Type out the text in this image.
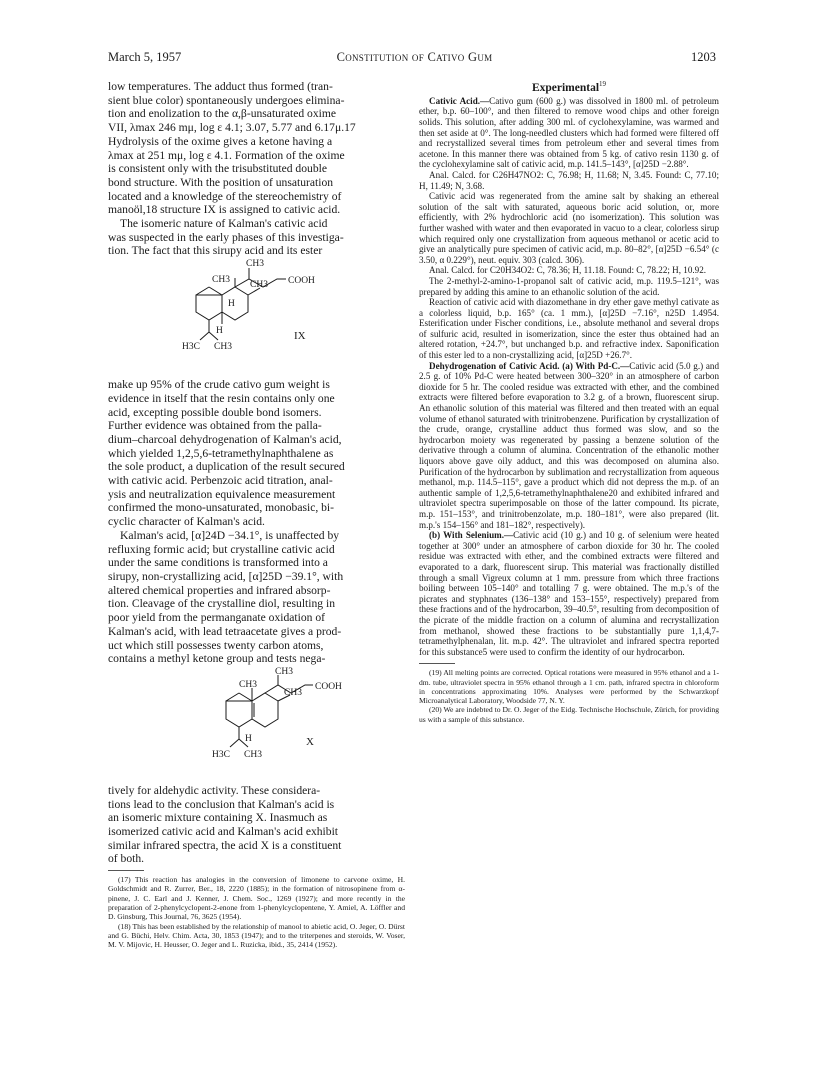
March 5, 1957	Constitution of Cativo Gum	1203
low temperatures. The adduct thus formed (tran-
sient blue color) spontaneously undergoes elimina-
tion and enolization to the α,β-unsaturated oxime
VII, λmax 246 mμ, log ε 4.1; 3.07, 5.77 and 6.17μ.17
Hydrolysis of the oxime gives a ketone having a
λmax at 251 mμ, log ε 4.1. Formation of the oxime
is consistent only with the trisubstituted double
bond structure. With the position of unsaturation
located and a knowledge of the stereochemistry of
manoöl,18 structure IX is assigned to cativic acid.
The isomeric nature of Kalman's cativic acid
was suspected in the early phases of this investiga-
tion. The fact that this sirupy acid and its ester
CH3
COOH
CH3 CH3
H
H
H3C CH3
IX
make up 95% of the crude cativo gum weight is
evidence in itself that the resin contains only one
acid, excepting possible double bond isomers.
Further evidence was obtained from the palla-
dium–charcoal dehydrogenation of Kalman's acid,
which yielded 1,2,5,6-tetramethylnaphthalene as
the sole product, a duplication of the result secured
with cativic acid. Perbenzoic acid titration, anal-
ysis and neutralization equivalence measurement
confirmed the mono-unsaturated, monobasic, bi-
cyclic character of Kalman's acid.
Kalman's acid, [α]24D −34.1°, is unaffected by
refluxing formic acid; but crystalline cativic acid
under the same conditions is transformed into a
sirupy, non-crystallizing acid, [α]25D −39.1°, with
altered chemical properties and infrared absorp-
tion. Cleavage of the crystalline diol, resulting in
poor yield from the permanganate oxidation of
Kalman's acid, with lead tetraacetate gives a prod-
uct which still possesses twenty carbon atoms,
contains a methyl ketone group and tests nega-
CH3
COOH
CH3
CH3
H
H3C CH3
X
tively for aldehydic activity. These considera-
tions lead to the conclusion that Kalman's acid is
an isomeric mixture containing X. Inasmuch as
isomerized cativic acid and Kalman's acid exhibit
similar infrared spectra, the acid X is a constituent
of both.

(17) This reaction has analogies in the conversion of limonene to carvone oxime, H. Goldschmidt and R. Zurrer, Ber., 18, 2220 (1885); in the formation of nitrosopinene from α-pinene, J. C. Earl and J. Kenner, J. Chem. Soc., 1269 (1927); and more recently in the preparation of 2-phenylcyclopent-2-enone from 1-phenylcyclopentene, Y. Amiel, A. Löffler and D. Ginsburg, This Journal, 76, 3625 (1954).

(18) This has been established by the relationship of manool to abietic acid, O. Jeger, O. Dürst and G. Büchi, Helv. Chim. Acta, 30, 1853 (1947); and to the triterpenes and steroids, W. Voser, M. V. Mijovic, H. Heusser, O. Jeger and L. Ruzicka, ibid., 35, 2414 (1952).

Experimental$^{19}$

Cativic Acid.—Cativo gum (600 g.) was dissolved in 1800 ml. of petroleum ether, b.p. 60–100°, and then filtered to remove wood chips and other foreign solids. This solution, after adding 300 ml. of cyclohexylamine, was warmed and then set aside at 0°. The long-needled clusters which had formed were filtered off and recrystallized several times from petroleum ether and several times from acetone. In this manner there was obtained from 5 kg. of cativo resin 1130 g. of the cyclohexylamine salt of cativic acid, m.p. 141.5–143°, [α]25D −2.88°.

Anal. Calcd. for C26H47NO2: C, 76.98; H, 11.68; N, 3.45. Found: C, 77.10; H, 11.49; N, 3.68.

Cativic acid was regenerated from the amine salt by shaking an ethereal solution of the salt with saturated, aqueous boric acid solution, or, more efficiently, with 2% hydrochloric acid (no isomerization). This solution was further washed with water and then evaporated in vacuo to a clear, colorless sirup which required only one crystallization from aqueous methanol or acetic acid to give an analytically pure specimen of cativic acid, m.p. 80–82°, [α]25D −6.54° (c 3.50, α 0.229°), neut. equiv. 303 (calcd. 306).

Anal. Calcd. for C20H34O2: C, 78.36; H, 11.18. Found: C, 78.22; H, 10.92.

The 2-methyl-2-amino-1-propanol salt of cativic acid, m.p. 119.5–121°, was prepared by adding this amine to an ethanolic solution of the acid.

Reaction of cativic acid with diazomethane in dry ether gave methyl cativate as a colorless liquid, b.p. 165° (ca. 1 mm.), [α]25D −7.16°, n25D 1.4954. Esterification under Fischer conditions, i.e., absolute methanol and several drops of sulfuric acid, resulted in isomerization, since the ester thus obtained had an altered rotation, +24.7°, but unchanged b.p. and refractive index. Saponification of this ester led to a non-crystallizing acid, [α]25D +26.7°.

Dehydrogenation of Cativic Acid. (a) With Pd-C.—Cativic acid (5.0 g.) and 2.5 g. of 10% Pd-C were heated between 300–320° in an atmosphere of carbon dioxide for 5 hr. The cooled residue was extracted with ether, and the combined extracts were filtered before evaporation to 3.2 g. of a brown, fluorescent sirup. An ethanolic solution of this material was filtered and then treated with an equal volume of ethanol saturated with trinitrobenzene. Purification by crystallization of the crude, orange, crystalline adduct thus formed was slow, and so the hydrocarbon moiety was regenerated by passing a benzene solution of the derivative through a column of alumina. Concentration of the ethanolic mother liquors above gave oily adduct, and this was decomposed on alumina also. Purification of the hydrocarbon by sublimation and recrystallization from aqueous methanol, m.p. 114.5–115°, gave a product which did not depress the m.p. of an authentic sample of 1,2,5,6-tetramethylnaphthalene20 and exhibited infrared and ultraviolet spectra superimposable on those of the latter compound. Its picrate, m.p. 151–153°, and trinitrobenzolate, m.p. 180–181°, were also prepared (lit. m.p.'s 154–156° and 181–182°, respectively).

(b) With Selenium.—Cativic acid (10 g.) and 10 g. of selenium were heated together at 300° under an atmosphere of carbon dioxide for 30 hr. The cooled residue was extracted with ether, and the combined extracts were filtered and evaporated to a dark, fluorescent sirup. This material was fractionally distilled through a small Vigreux column at 1 mm. pressure from which three fractions boiling between 105–140° and totalling 7 g. were obtained. The m.p.'s of the picrates and styphnates (136–138° and 153–155°, respectively) prepared from these fractions and of the hydrocarbon, 39–40.5°, resulting from decomposition of the picrate of the middle fraction on a column of alumina and recrystallization from methanol, showed these fractions to be substantially pure 1,1,4,7-tetramethylphenalan, lit. m.p. 42°. The ultraviolet and infrared spectra reported for this substance5 were used to confirm the identity of our hydrocarbon.

(19) All melting points are corrected. Optical rotations were measured in 95% ethanol and a 1-dm. tube, ultraviolet spectra in 95% ethanol through a 1 cm. path, infrared spectra in chloroform in concentrations approximating 10%. Analyses were performed by the Schwarzkopf Microanalytical Laboratory, Woodside 77, N. Y.

(20) We are indebted to Dr. O. Jeger of the Eidg. Technische Hochschule, Zürich, for providing us with a sample of this substance.
